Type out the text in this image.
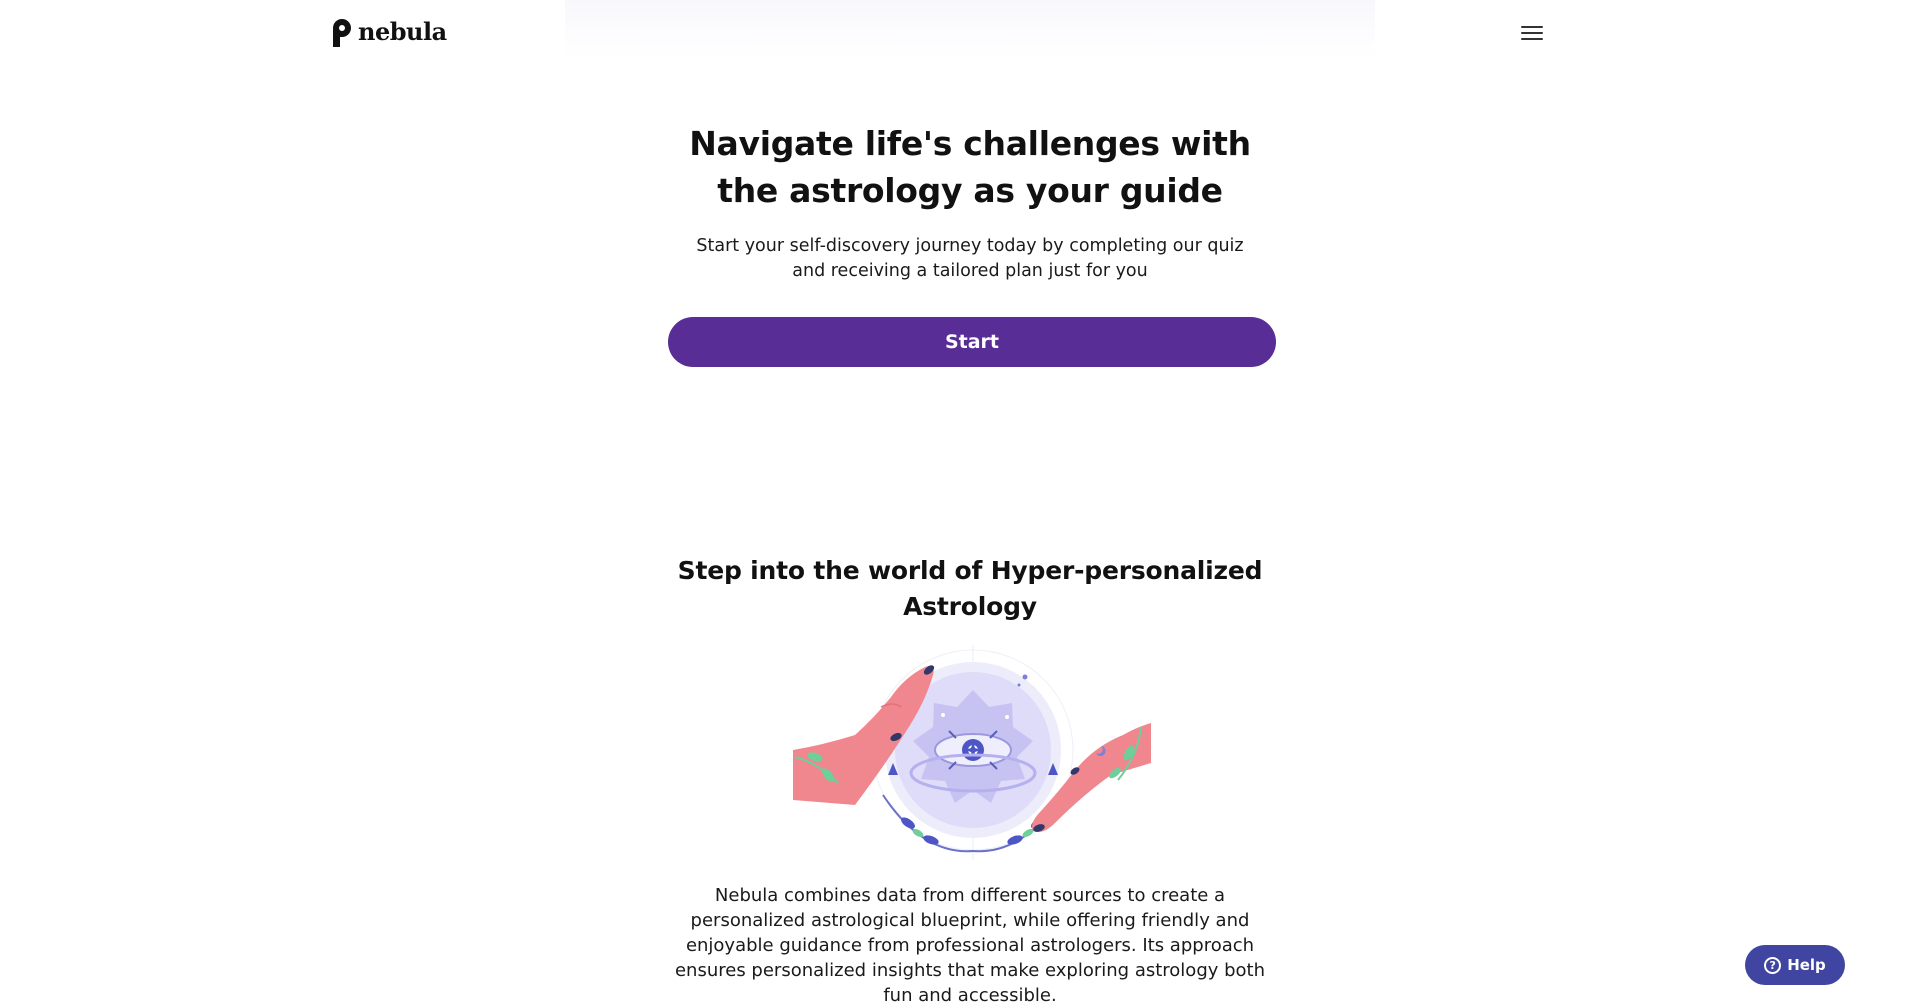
nebula
Navigate life's challenges with the astrology as your guide

Start your self-discovery journey today by completing our quiz and receiving a tailored plan just for you

Start
Step into the world of Hyper-personalized Astrology

Nebula combines data from different sources to create a personalized astrological blueprint, while offering friendly and enjoyable guidance from professional astrologers. Its approach ensures personalized insights that make exploring astrology both fun and accessible.

? Help
